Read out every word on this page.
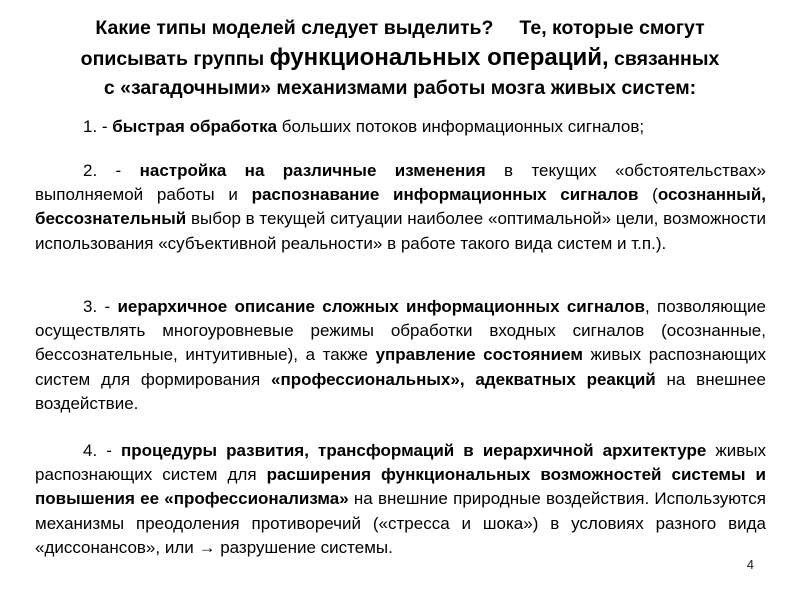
Какие типы моделей следует выделить? Те, которые смогут
описывать группы функциональных операций, связанных
с «загадочными» механизмами работы мозга живых систем:

1. - быстрая обработка больших потоков информационных сигналов;

2. - настройка на различные изменения в текущих «обстоятельствах» выполняемой работы и распознавание информационных сигналов (осознанный, бессознательный выбор в текущей ситуации наиболее «оптимальной» цели, возможности использования «субъективной реальности» в работе такого вида систем и т.п.).

3. - иерархичное описание сложных информационных сигналов, позволяющие осуществлять многоуровневые режимы обработки входных сигналов (осознанные, бессознательные, интуитивные), а также управление состоянием живых распознающих систем для формирования «профессиональных», адекватных реакций на внешнее воздействие.

4. - процедуры развития, трансформаций в иерархичной архитектуре живых распознающих систем для расширения функциональных возможностей системы и повышения ее «профессионализма» на внешние природные воздействия. Используются механизмы преодоления противоречий («стресса и шока») в условиях разного вида «диссонансов», или → разрушение системы.

4
